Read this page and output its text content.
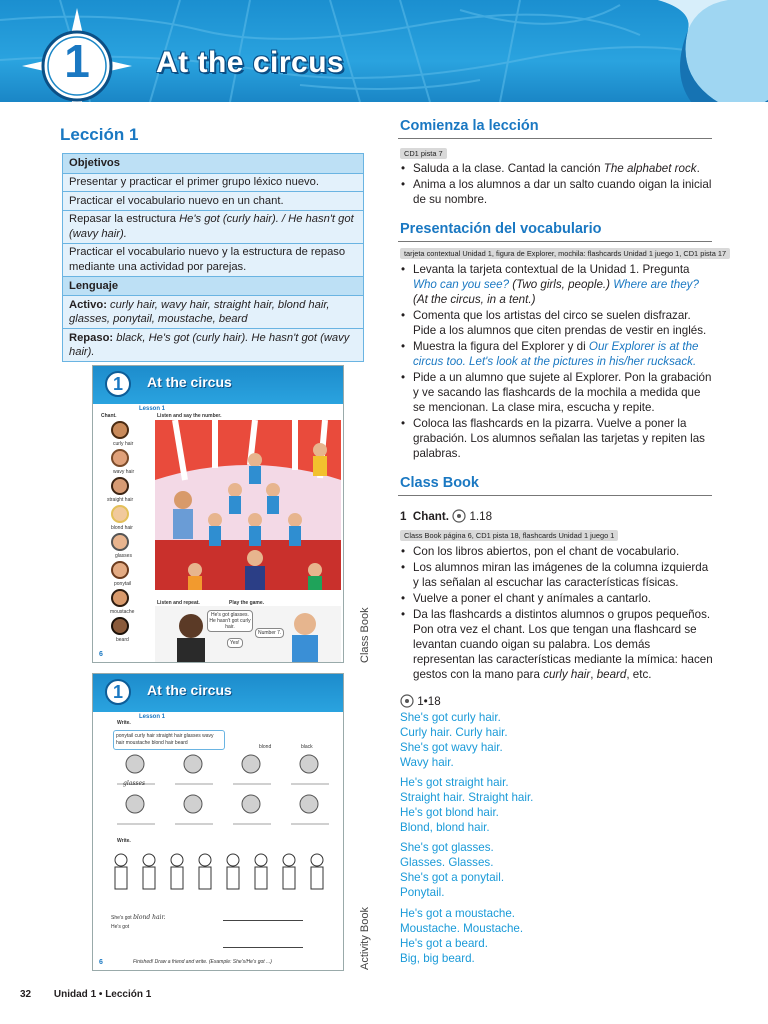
1	At the circus
Lección 1
Objetivos
Presentar y practicar el primer grupo léxico nuevo.
Practicar el vocabulario nuevo en un chant.
Repasar la estructura He's got (curly hair). / He hasn't got (wavy hair).
Practicar el vocabulario nuevo y la estructura de repaso mediante una actividad por parejas.
Lenguaje
Activo: curly hair, wavy hair, straight hair, blond hair, glasses, ponytail, moustache, beard
Repaso: black, He's got (curly hair). He hasn't got (wavy hair).
1	At the circus
Lesson 1
Chant.	Listen and say the number.
curly hair
wavy hair
straight hair
blond hair
glasses
ponytail
moustache
beard
Listen and repeat.	Play the game.
He's got glasses. He hasn't got curly hair.
Number 7.
Yes!
6	Class Book
1	At the circus
Lesson 1
Write.
ponytail curly hair straight hair glasses wavy hair moustache blond hair beard
blond	black
glasses
Write.
She's got blond hair.
He's got
Finished! Draw a friend and write. (Example: She's/He's got ...)
6	Activity Book
Comienza la lección
CD1 pista 7
• Saluda a la clase. Cantad la canción The alphabet rock.
• Anima a los alumnos a dar un salto cuando oigan la inicial de su nombre.
Presentación del vocabulario
tarjeta contextual Unidad 1, figura de Explorer, mochila: flashcards Unidad 1 juego 1, CD1 pista 17
• Levanta la tarjeta contextual de la Unidad 1. Pregunta Who can you see? (Two girls, people.) Where are they?
(At the circus, in a tent.)
• Comenta que los artistas del circo se suelen disfrazar. Pide a los alumnos que citen prendas de vestir en inglés.
• Muestra la figura del Explorer y di Our Explorer is at the circus too. Let's look at the pictures in his/her rucksack.
• Pide a un alumno que sujete al Explorer. Pon la grabación y ve sacando las flashcards de la mochila a medida que se mencionan. La clase mira, escucha y repite.
• Coloca las flashcards en la pizarra. Vuelve a poner la grabación. Los alumnos señalan las tarjetas y repiten las palabras.
Class Book
1 Chant. 1.18
Class Book página 6, CD1 pista 18, flashcards Unidad 1 juego 1
• Con los libros abiertos, pon el chant de vocabulario.
• Los alumnos miran las imágenes de la columna izquierda y las señalan al escuchar las características físicas.
• Vuelve a poner el chant y anímales a cantarlo.
• Da las flashcards a distintos alumnos o grupos pequeños. Pon otra vez el chant. Los que tengan una flashcard se levantan cuando oigan su palabra. Los demás representan las características mediante la mímica: hacen gestos con la mano para curly hair, beard, etc.
1•18
She's got curly hair.
Curly hair. Curly hair.
She's got wavy hair.
Wavy hair.
He's got straight hair.
Straight hair. Straight hair.
He's got blond hair.
Blond, blond hair.
She's got glasses.
Glasses. Glasses.
She's got a ponytail.
Ponytail.
He's got a moustache.
Moustache. Moustache.
He's got a beard.
Big, big beard.
32 Unidad 1 • Lección 1
